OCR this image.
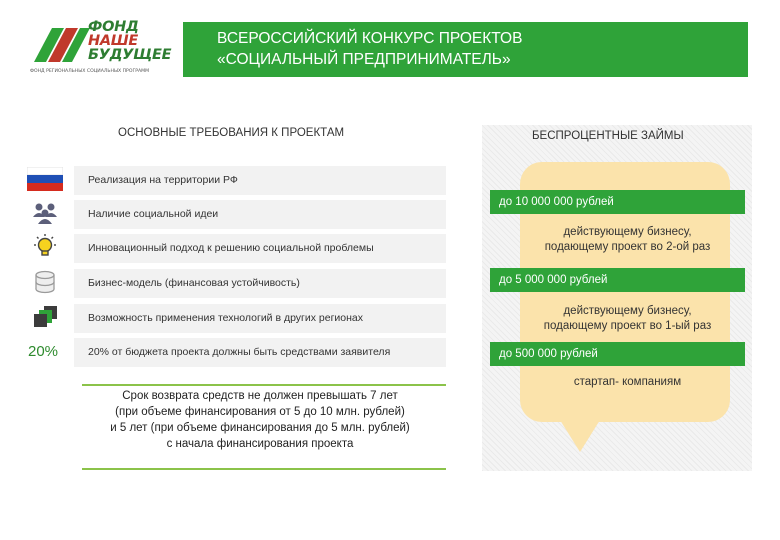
ФОНД
НАШЕ
БУДУЩЕЕ
ФОНД РЕГИОНАЛЬНЫХ СОЦИАЛЬНЫХ ПРОГРАММ
ВСЕРОССИЙСКИЙ КОНКУРС ПРОЕКТОВ
«СОЦИАЛЬНЫЙ ПРЕДПРИНИМАТЕЛЬ»
ОСНОВНЫЕ ТРЕБОВАНИЯ К ПРОЕКТАМ
Реализация на территории РФ
Наличие социальной идеи
Инновационный подход к решению социальной проблемы
Бизнес-модель (финансовая устойчивость)
Возможность применения технологий в других регионах
20%	20% от бюджета проекта должны быть средствами заявителя
Срок возврата средств не должен превышать 7 лет
(при объеме финансирования от 5 до 10 млн. рублей)
и 5 лет (при объеме финансирования до 5 млн. рублей)
с начала финансирования проекта
БЕСПРОЦЕНТНЫЕ ЗАЙМЫ
до 10 000 000 рублей
действующему бизнесу,
подающему проект во 2-ой раз
до 5 000 000 рублей
действующему бизнесу,
подающему проект во 1-ый раз
до 500 000 рублей
стартап- компаниям
